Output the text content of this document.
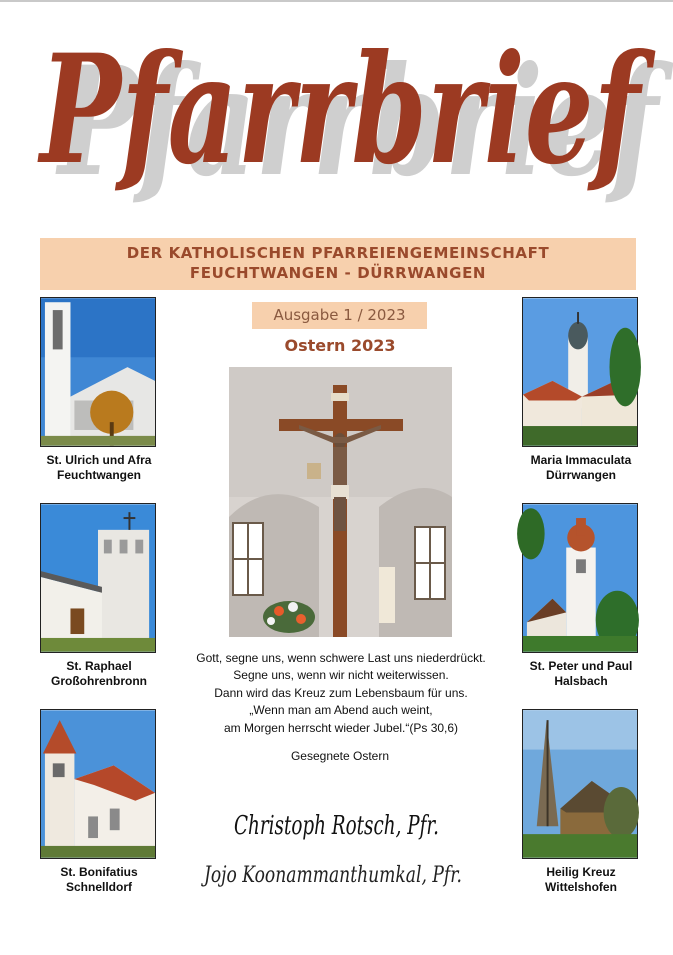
Pfarrbrief
Pfarrbrief
DER KATHOLISCHEN PFARREIENGEMEINSCHAFT
FEUCHTWANGEN - DÜRRWANGEN
Ausgabe 1 / 2023
Ostern 2023
St. Ulrich und Afra
Feuchtwangen
St. Raphael
Großohrenbronn
St. Bonifatius
Schnelldorf
Maria Immaculata
Dürrwangen
St. Peter und Paul
Halsbach
Heilig Kreuz
Wittelshofen
Gott, segne uns, wenn schwere Last uns niederdrückt.
Segne uns, wenn wir nicht weiterwissen.
Dann wird das Kreuz zum Lebensbaum für uns.
„Wenn man am Abend auch weint,
am Morgen herrscht wieder Jubel.“(Ps 30,6)
Gesegnete Ostern
Christoph Rotsch, Pfr.
Jojo Koonammanthumkal, Pfr.
